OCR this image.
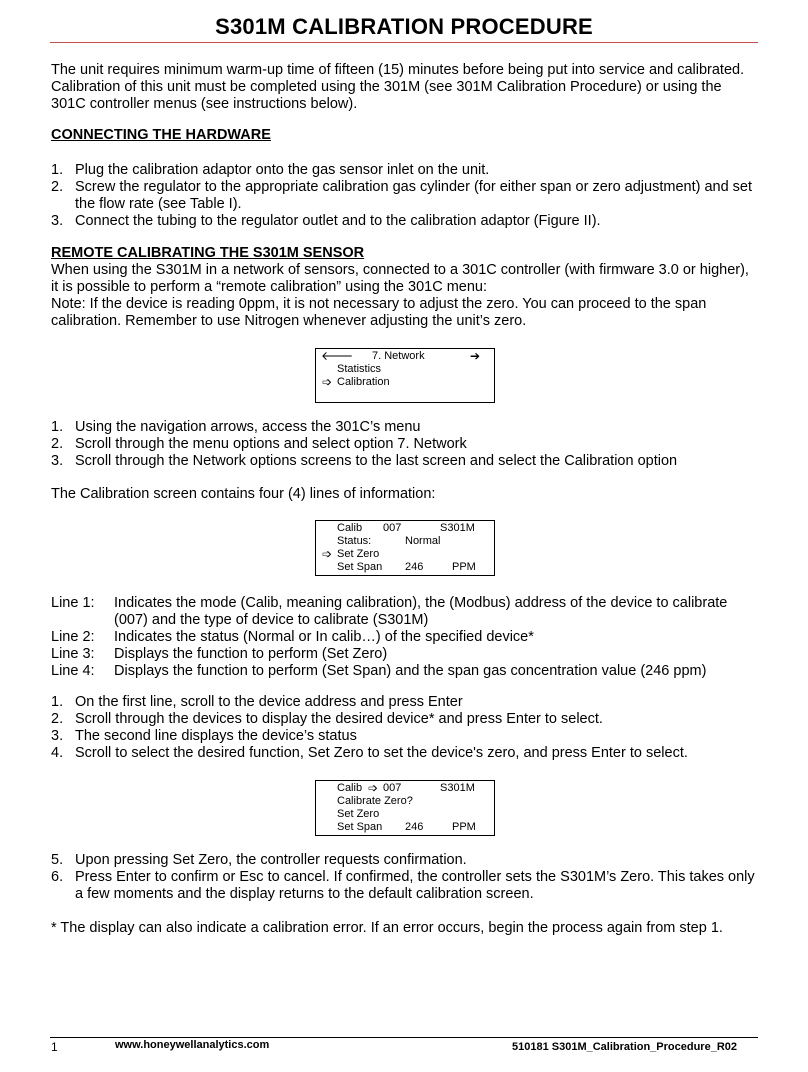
S301M CALIBRATION PROCEDURE
The unit requires minimum warm-up time of fifteen (15) minutes before being put into service and calibrated. Calibration of this unit must be completed using the 301M (see 301M Calibration Procedure) or using the 301C controller menus (see instructions below).
CONNECTING THE HARDWARE
1. Plug the calibration adaptor onto the gas sensor inlet on the unit.
2. Screw the regulator to the appropriate calibration gas cylinder (for either span or zero adjustment) and set the flow rate (see Table I).
3. Connect the tubing to the regulator outlet and to the calibration adaptor (Figure II).
REMOTE CALIBRATING THE S301M SENSOR
When using the S301M in a network of sensors, connected to a 301C controller (with firmware 3.0 or higher), it is possible to perform a “remote calibration” using the 301C menu:
Note: If the device is reading 0ppm, it is not necessary to adjust the zero. You can proceed to the span calibration. Remember to use Nitrogen whenever adjusting the unit’s zero.
🡐 7. Network	➔
Statistics
➩ Calibration
1. Using the navigation arrows, access the 301C’s menu
2. Scroll through the menu options and select option 7. Network
3. Scroll through the Network options screens to the last screen and select the Calibration option
The Calibration screen contains four (4) lines of information:
Calib 007	S301M
Status:	Normal
➩ Set Zero
Set Span 246	PPM
Line 1: Indicates the mode (Calib, meaning calibration), the (Modbus) address of the device to calibrate (007) and the type of device to calibrate (S301M)
Line 2: Indicates the status (Normal or In calib…) of the specified device*
Line 3: Displays the function to perform (Set Zero)
Line 4: Displays the function to perform (Set Span) and the span gas concentration value (246 ppm)
1. On the first line, scroll to the device address and press Enter
2. Scroll through the devices to display the desired device* and press Enter to select.
3. The second line displays the device’s status
4. Scroll to select the desired function, Set Zero to set the device's zero, and press Enter to select.
Calib ➩ 007	S301M
Calibrate Zero?
Set Zero
Set Span 246	PPM
5. Upon pressing Set Zero, the controller requests confirmation.
6. Press Enter to confirm or Esc to cancel. If confirmed, the controller sets the S301M’s Zero. This takes only a few moments and the display returns to the default calibration screen.
* The display can also indicate a calibration error. If an error occurs, begin the process again from step 1.
1	www.honeywellanalytics.com	510181 S301M_Calibration_Procedure_R02
